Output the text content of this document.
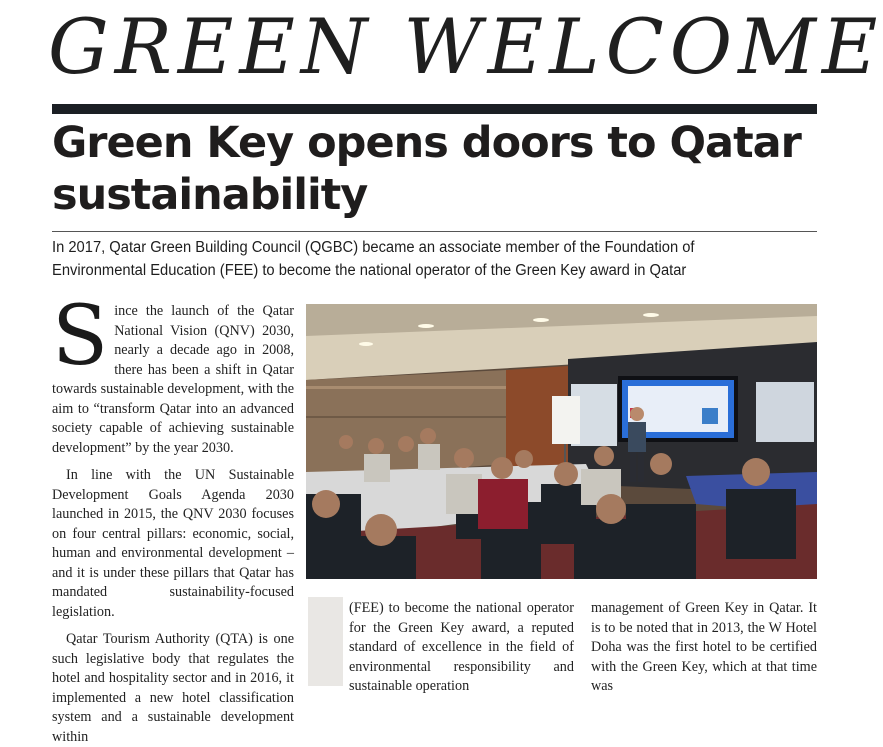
GREEN WELCOME
Green Key opens doors to Qatar sustainability
In 2017, Qatar Green Building Council (QGBC) became an associate member of the Foundation of Environmental Education (FEE) to become the national operator of the Green Key award in Qatar

Since the launch of the Qatar National Vision (QNV) 2030, nearly a decade ago in 2008, there has been a shift in Qatar towards sustainable development, with the aim to “transform Qatar into an advanced society capable of achieving sustainable development” by the year 2030.

In line with the UN Sustainable Development Goals Agenda 2030 launched in 2015, the QNV 2030 focuses on four central pillars: economic, social, human and environmental development – and it is under these pillars that Qatar has mandated sustainability-focused legislation.

Qatar Tourism Authority (QTA) is one such legislative body that regulates the hotel and hospitality sector and in 2016, it implemented a new hotel classification system and a sustainable development within

(FEE) to become the national operator for the Green Key award, a reputed standard of excellence in the field of environmental responsibility and sustainable operation

management of Green Key in Qatar. It is to be noted that in 2013, the W Hotel Doha was the first hotel to be certified with the Green Key, which at that time was
